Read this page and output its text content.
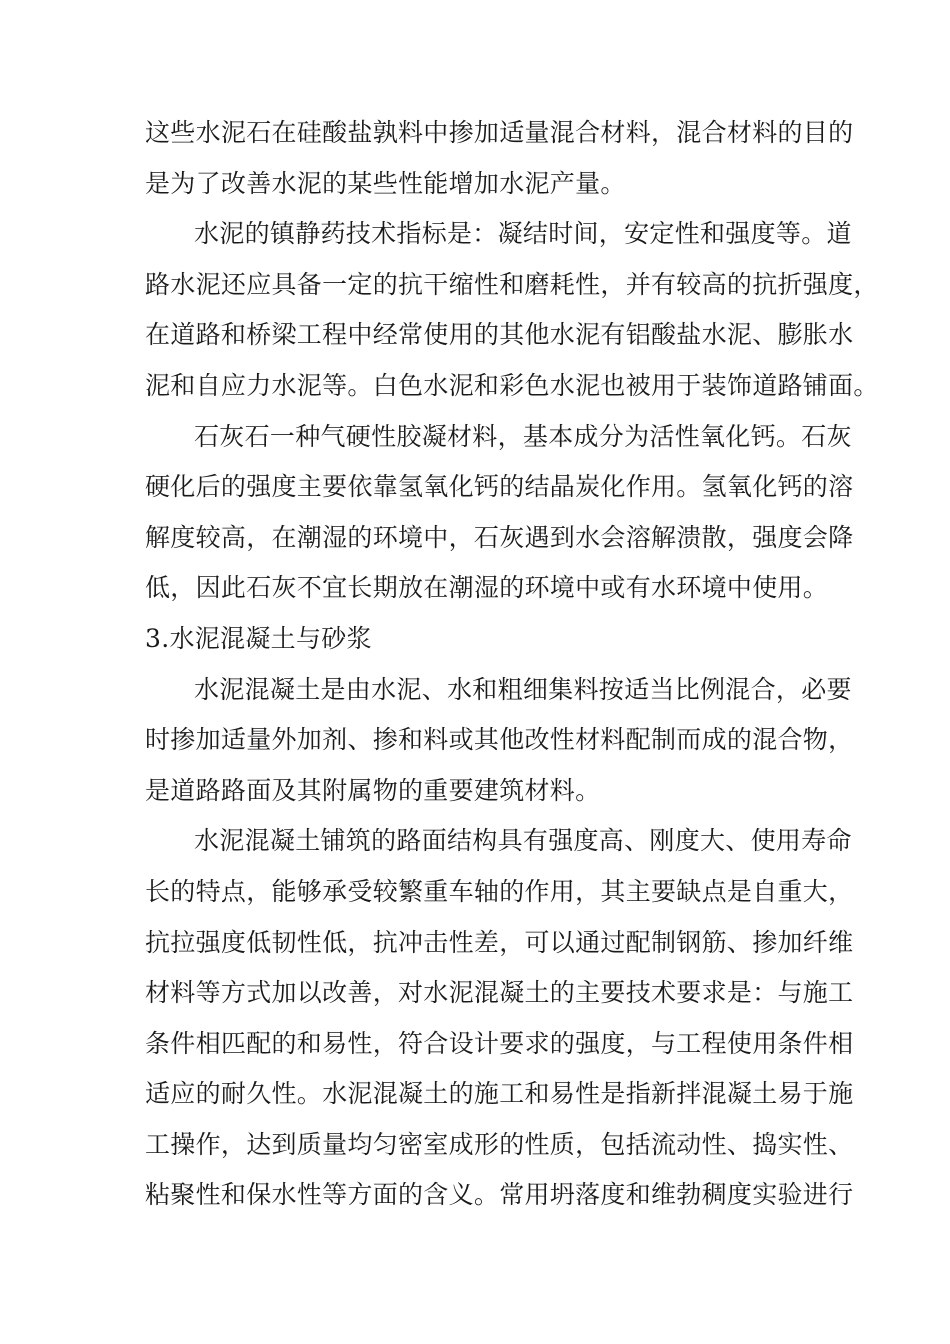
这些水泥石在硅酸盐孰料中掺加适量混合材料，混合材料的目的
是为了改善水泥的某些性能增加水泥产量。
水泥的镇静药技术指标是：凝结时间，安定性和强度等。道
路水泥还应具备一定的抗干缩性和磨耗性，并有较高的抗折强度，
在道路和桥梁工程中经常使用的其他水泥有铝酸盐水泥、膨胀水
泥和自应力水泥等。白色水泥和彩色水泥也被用于装饰道路铺面。
石灰石一种气硬性胶凝材料，基本成分为活性氧化钙。石灰
硬化后的强度主要依靠氢氧化钙的结晶炭化作用。氢氧化钙的溶
解度较高，在潮湿的环境中，石灰遇到水会溶解溃散，强度会降
低，因此石灰不宜长期放在潮湿的环境中或有水环境中使用。
3.水泥混凝土与砂浆
水泥混凝土是由水泥、水和粗细集料按适当比例混合，必要
时掺加适量外加剂、掺和料或其他改性材料配制而成的混合物，
是道路路面及其附属物的重要建筑材料。
水泥混凝土铺筑的路面结构具有强度高、刚度大、使用寿命
长的特点，能够承受较繁重车轴的作用，其主要缺点是自重大，
抗拉强度低韧性低，抗冲击性差，可以通过配制钢筋、掺加纤维
材料等方式加以改善，对水泥混凝土的主要技术要求是：与施工
条件相匹配的和易性，符合设计要求的强度，与工程使用条件相
适应的耐久性。水泥混凝土的施工和易性是指新拌混凝土易于施
工操作，达到质量均匀密室成形的性质，包括流动性、捣实性、
粘聚性和保水性等方面的含义。常用坍落度和维勃稠度实验进行
